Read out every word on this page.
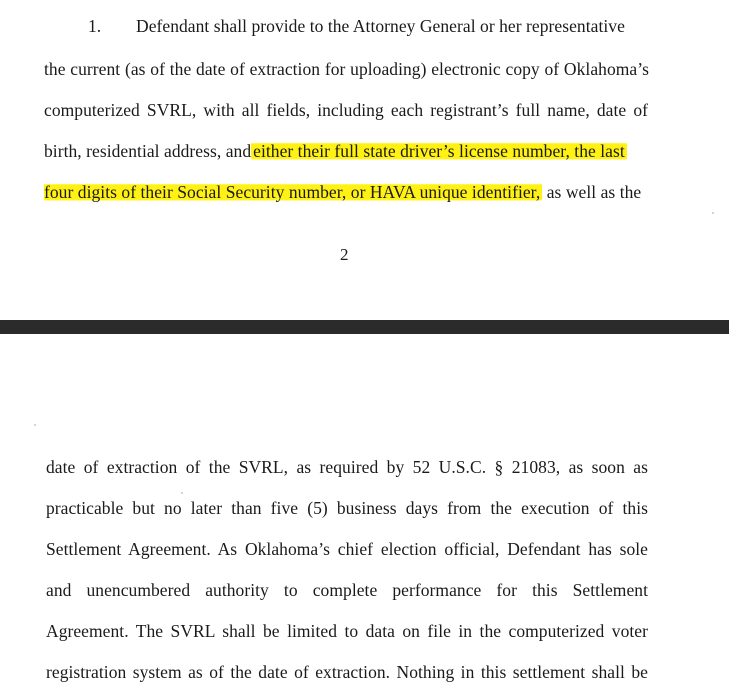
1. Defendant shall provide to the Attorney General or her representative
the current (as of the date of extraction for uploading) electronic copy of Oklahoma’s
computerized SVRL, with all fields, including each registrant’s full name, date of
birth, residential address, and either their full state driver’s license number, the last
four digits of their Social Security number, or HAVA unique identifier, as well as the
2
date of extraction of the SVRL, as required by 52 U.S.C. § 21083, as soon as
practicable but no later than five (5) business days from the execution of this
Settlement Agreement. As Oklahoma’s chief election official, Defendant has sole
and unencumbered authority to complete performance for this Settlement
Agreement. The SVRL shall be limited to data on file in the computerized voter
registration system as of the date of extraction. Nothing in this settlement shall be
